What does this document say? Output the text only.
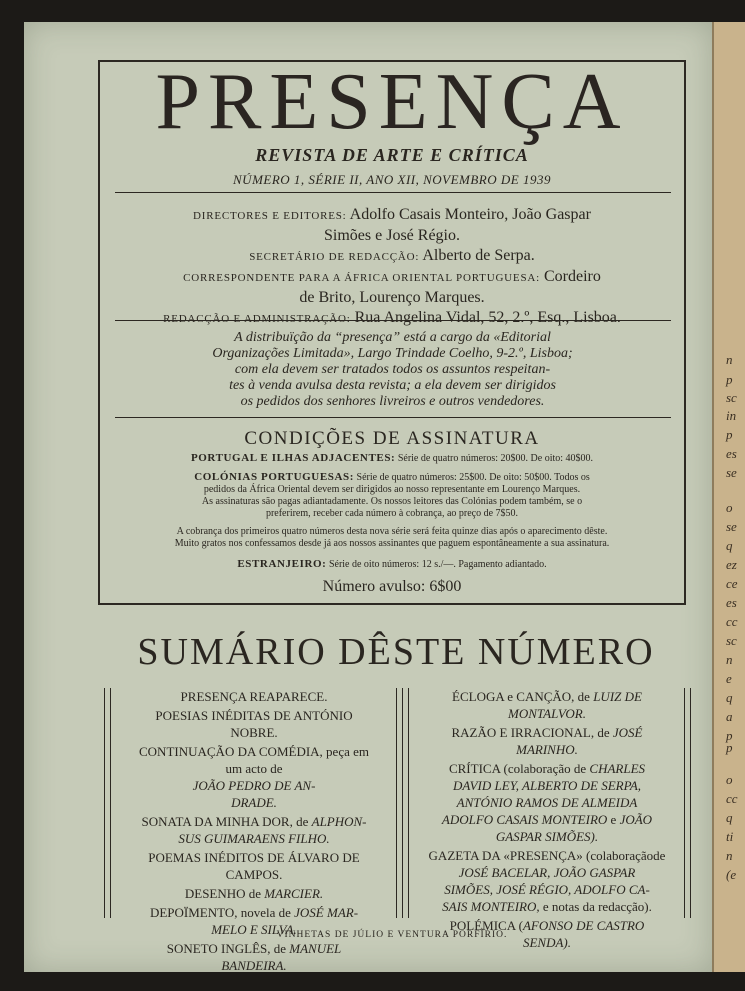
n
p
sc
in
p
es
se
o
se
q
ez
ce
es
cc
sc
n
e
q
a
p
p
o
cc
q
ti
n
(e
PRESENÇA
REVISTA DE ARTE E CRÍTICA
NÚMERO 1, SÉRIE II, ANO XII, NOVEMBRO DE 1939
DIRECTORES E EDITORES: Adolfo Casais Monteiro, João Gaspar
Simões e José Régio.
SECRETÁRIO DE REDACÇÃO: Alberto de Serpa.
CORRESPONDENTE PARA A ÁFRICA ORIENTAL PORTUGUESA: Cordeiro
de Brito, Lourenço Marques.
REDACÇÃO E ADMINISTRAÇÃO: Rua Angelina Vidal, 52, 2.º, Esq., Lisboa.
A distribuïção da “presença” está a cargo da «Editorial
Organizações Limitada», Largo Trindade Coelho, 9-2.º, Lisboa;
com ela devem ser tratados todos os assuntos respeitan-
tes à venda avulsa desta revista; a ela devem ser dirigidos
os pedidos dos senhores livreiros e outros vendedores.
CONDIÇÕES DE ASSINATURA
PORTUGAL E ILHAS ADJACENTES: Série de quatro números: 20$00. De oito: 40$00.
COLÓNIAS PORTUGUESAS: Série de quatro números: 25$00. De oito: 50$00. Todos os
pedidos da África Oriental devem ser dirigidos ao nosso representante em Lourenço Marques.
As assinaturas são pagas adiantadamente. Os nossos leitores das Colónias podem também, se o
preferirem, receber cada número à cobrança, ao preço de 7$50.
A cobrança dos primeiros quatro números desta nova série será feita quinze dias após o aparecimento dêste.
Muito gratos nos confessamos desde já aos nossos assinantes que paguem espontâneamente a sua assinatura.
ESTRANJEIRO: Série de oito números: 12 s./—. Pagamento adiantado.
Número avulso: 6$00
SUMÁRIO DÊSTE NÚMERO
PRESENÇA REAPARECE.
POESIAS INÉDITAS DE ANTÓNIO
NOBRE.
CONTINUAÇÃO DA COMÉDIA, peça em
um acto de
JOÃO PEDRO DE AN-
DRADE.
SONATA DA MINHA DOR, de ALPHON-
SUS GUIMARAENS FILHO.
POEMAS INÉDITOS DE ÁLVARO DE
CAMPOS.
DESENHO de MARCIER.
DEPOÏMENTO, novela de JOSÉ MAR-
MELO E SILVA.
SONETO INGLÊS, de MANUEL
BANDEIRA.
ÉCLOGA e CANÇÃO, de LUIZ DE
MONTALVOR.
RAZÃO E IRRACIONAL, de JOSÉ
MARINHO.
CRÍTICA (colaboração de CHARLES
DAVID LEY, ALBERTO DE SERPA,
ANTÓNIO RAMOS DE ALMEIDA
ADOLFO CASAIS MONTEIRO e JOÃO
GASPAR SIMÕES).
GAZETA DA «PRESENÇA» (colaboraçãode
JOSÉ BACELAR, JOÃO GASPAR
SIMÕES, JOSÉ RÉGIO, ADOLFO CA-
SAIS MONTEIRO, e notas da redacção).
POLÉMICA (AFONSO DE CASTRO
SENDA).
VINHETAS DE JÚLIO E VENTURA PORFÍRIO.
